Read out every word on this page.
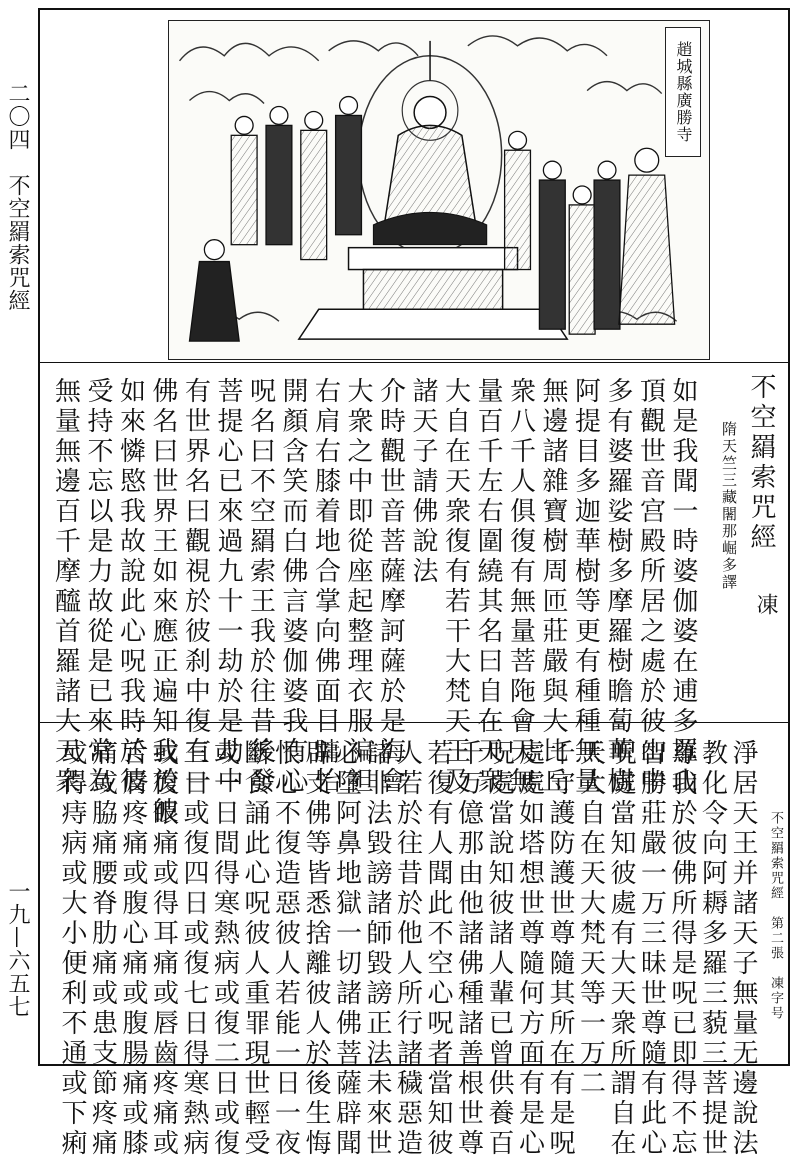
二〇四　不空羂索咒經
一九—六五七
趙城縣廣勝寺
不空羂索咒經
凍
隋天竺三藏闍那崛多譯
如是我聞一時婆伽婆在逋多羅山
頂觀世音宫殿所居之處於彼山中
多有婆羅娑樹多摩羅樹瞻蔔華樹
阿提目多迦華樹等更有種種無量
無邊諸雜寶樹周匝莊嚴與大比丘
衆八千人俱復有無量菩陁會天無
量百千左右圍繞其名曰自在天衆
大自在天衆復有若干大梵天王及
諸天子請佛說法
介時觀世音菩薩摩訶薩於是海會
大衆之中即從座起整理衣服褊袒
右肩右膝着地合掌向佛面目𦟛怡
開顏含笑而白佛言婆伽婆我有心
呪名曰不空羂索王我於往昔後發
菩提心已來過九十一劫於是劫中
有世界名曰觀視於彼刹中復有一
佛名曰世界王如來應正遍知我於彼
如來憐愍我故說此心呪我時於彼
受持不忘以是力故從是已來常為
無量無邊百千摩醯首羅諸大天衆
不空羂索咒經　第二張　凍字号
淨居天王并諸天子無量无邊說法
教化令向阿耨多羅三藐三菩提世
尊我於彼佛所得是呪已即得不忘
智勝莊嚴一万三昧世尊隨有此心
呪處當知彼處有大天衆所謂自在
天大自在天大梵天等一万二
千守護防護世尊隨其所在有是呪
處處如塔想世尊隨何方面有是心
呪處當說知彼諸人輩已曾供養百
千万億那由他諸佛種諸善根世尊
若復有人聞此不空心呪者當知彼
人若於往昔於他人所行諸穢惡造
諸非法毀謗諸師毀謗正法未來世
必墮阿鼻地獄一切諸佛菩薩辟聞
辟支佛等皆悉捨離彼人於後生悔
恨心不復造惡彼人若能一日一夜
斷食誦此心呪彼人重罪現世輕受
或一日間得寒熱病或復二日或復
三日或復四日或復七日得寒熱病
或復眼痛或得耳痛或唇齒疼痛或
舌脣疼痛或腹心痛或腹腸痛或膝
痛或脇痛腰脊肋痛或患支節疼痛
或得痔病或大小便利不通或下痢
